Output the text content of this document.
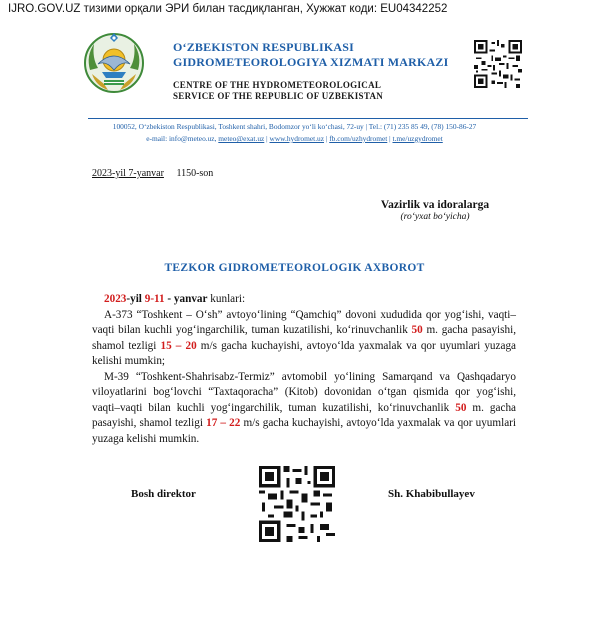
IJRO.GOV.UZ тизими орқали ЭРИ билан тасдиқланган, Хужжат коди: EU04342252
O‘ZBEKISTON RESPUBLIKASI
GIDROMETEOROLOGIYA XIZMATI MARKAZI
CENTRE OF THE HYDROMETEOROLOGICAL
SERVICE OF THE REPUBLIC OF UZBEKISTAN
100052, O‘zbekiston Respublikasi, Toshkent shahri, Bodomzor yo‘li ko‘chasi, 72-uy | Tel.: (71) 235 85 49, (78) 150-86-27
e-mail: info@meteo.uz, meteo@exat.uz | www.hydromet.uz | fb.com/uzhydromet | t.me/uzgydromet
2023-yil 7-yanvar 1150-son
Vazirlik va idoralarga
(ro‘yxat bo‘yicha)
TEZKOR GIDROMETEOROLOGIK AXBOROT

2023-yil 9-11 - yanvar kunlari:

A-373 “Toshkent – O‘sh” avtoyo‘lining “Qamchiq” dovoni xududida qor yog‘ishi, vaqti–vaqti bilan kuchli yog‘ingarchilik, tuman kuzatilishi, ko‘rinuvchanlik 50 m. gacha pasayishi, shamol tezligi 15 – 20 m/s gacha kuchayishi, avtoyo‘lda yaxmalak va qor uyumlari yuzaga kelishi mumkin;

M-39 “Toshkent-Shahrisabz-Termiz” avtomobil yo‘lining Samarqand va Qashqadaryo viloyatlarini bog‘lovchi “Taxtaqoracha” (Kitob) dovonidan o‘tgan qismida qor yog‘ishi, vaqti–vaqti bilan kuchli yog‘ingarchilik, tuman kuzatilishi, ko‘rinuvchanlik 50 m. gacha pasayishi, shamol tezligi 17 – 22 m/s gacha kuchayishi, avtoyo‘lda yaxmalak va qor uyumlari yuzaga kelishi mumkin.

Bosh direktor	Sh. Khabibullayev
